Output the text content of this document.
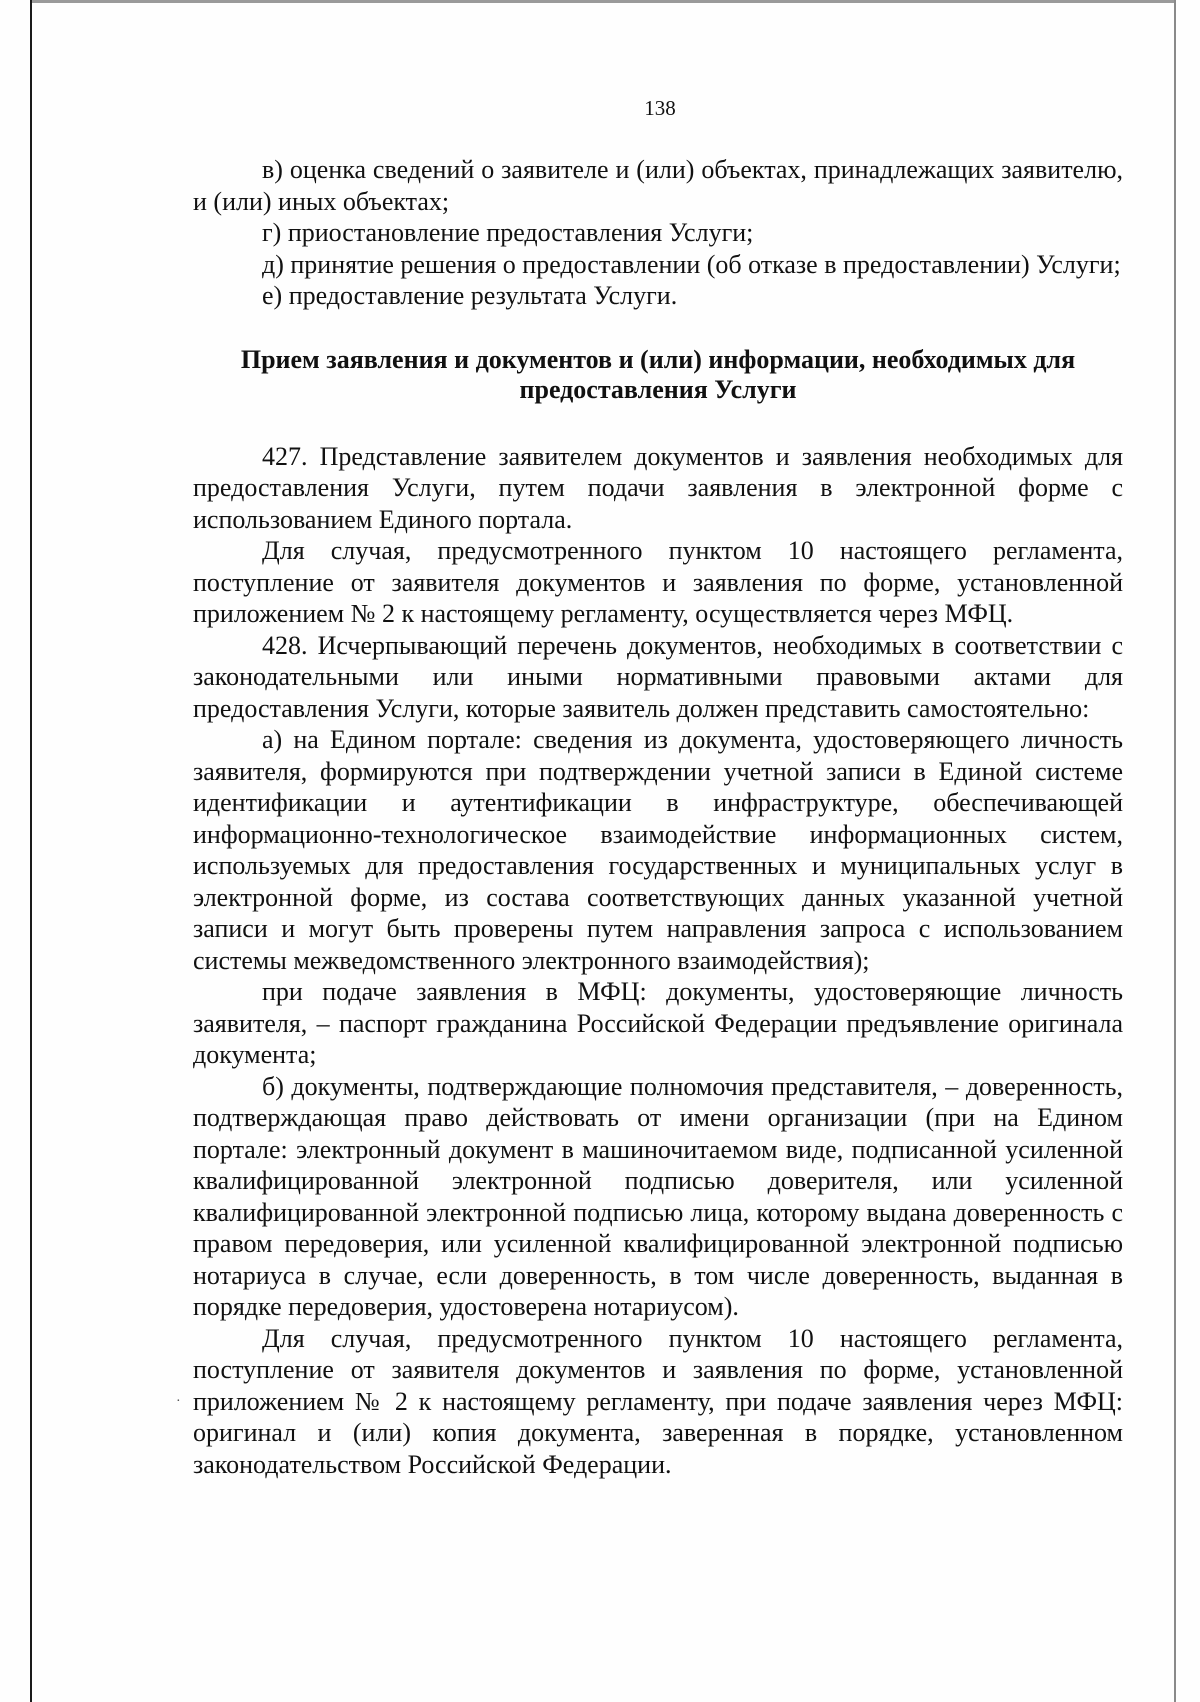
138

в) оценка сведений о заявителе и (или) объектах, принадлежащих заявителю, и (или) иных объектах;

г) приостановление предоставления Услуги;

д) принятие решения о предоставлении (об отказе в предоставлении) Услуги;

е) предоставление результата Услуги.

Прием заявления и документов и (или) информации, необходимых для предоставления Услуги

427. Представление заявителем документов и заявления необходимых для предоставления Услуги, путем подачи заявления в электронной форме с использованием Единого портала.

Для случая, предусмотренного пунктом 10 настоящего регламента, поступление от заявителя документов и заявления по форме, установленной приложением № 2 к настоящему регламенту, осуществляется через МФЦ.

428. Исчерпывающий перечень документов, необходимых в соответствии с законодательными или иными нормативными правовыми актами для предоставления Услуги, которые заявитель должен представить самостоятельно:

а) на Едином портале: сведения из документа, удостоверяющего личность заявителя, формируются при подтверждении учетной записи в Единой системе идентификации и аутентификации в инфраструктуре, обеспечивающей информационно-технологическое взаимодействие информационных систем, используемых для предоставления государственных и муниципальных услуг в электронной форме, из состава соответствующих данных указанной учетной записи и могут быть проверены путем направления запроса с использованием системы межведомственного электронного взаимодействия);

при подаче заявления в МФЦ: документы, удостоверяющие личность заявителя, – паспорт гражданина Российской Федерации предъявление оригинала документа;

б) документы, подтверждающие полномочия представителя, – доверенность, подтверждающая право действовать от имени организации (при на Едином портале: электронный документ в машиночитаемом виде, подписанной усиленной квалифицированной электронной подписью доверителя, или усиленной квалифицированной электронной подписью лица, которому выдана доверенность с правом передоверия, или усиленной квалифицированной электронной подписью нотариуса в случае, если доверенность, в том числе доверенность, выданная в порядке передоверия, удостоверена нотариусом).

Для случая, предусмотренного пунктом 10 настоящего регламента, поступление от заявителя документов и заявления по форме, установленной приложением № 2 к настоящему регламенту, при подаче заявления через МФЦ: оригинал и (или) копия документа, заверенная в порядке, установленном законодательством Российской Федерации.

·
